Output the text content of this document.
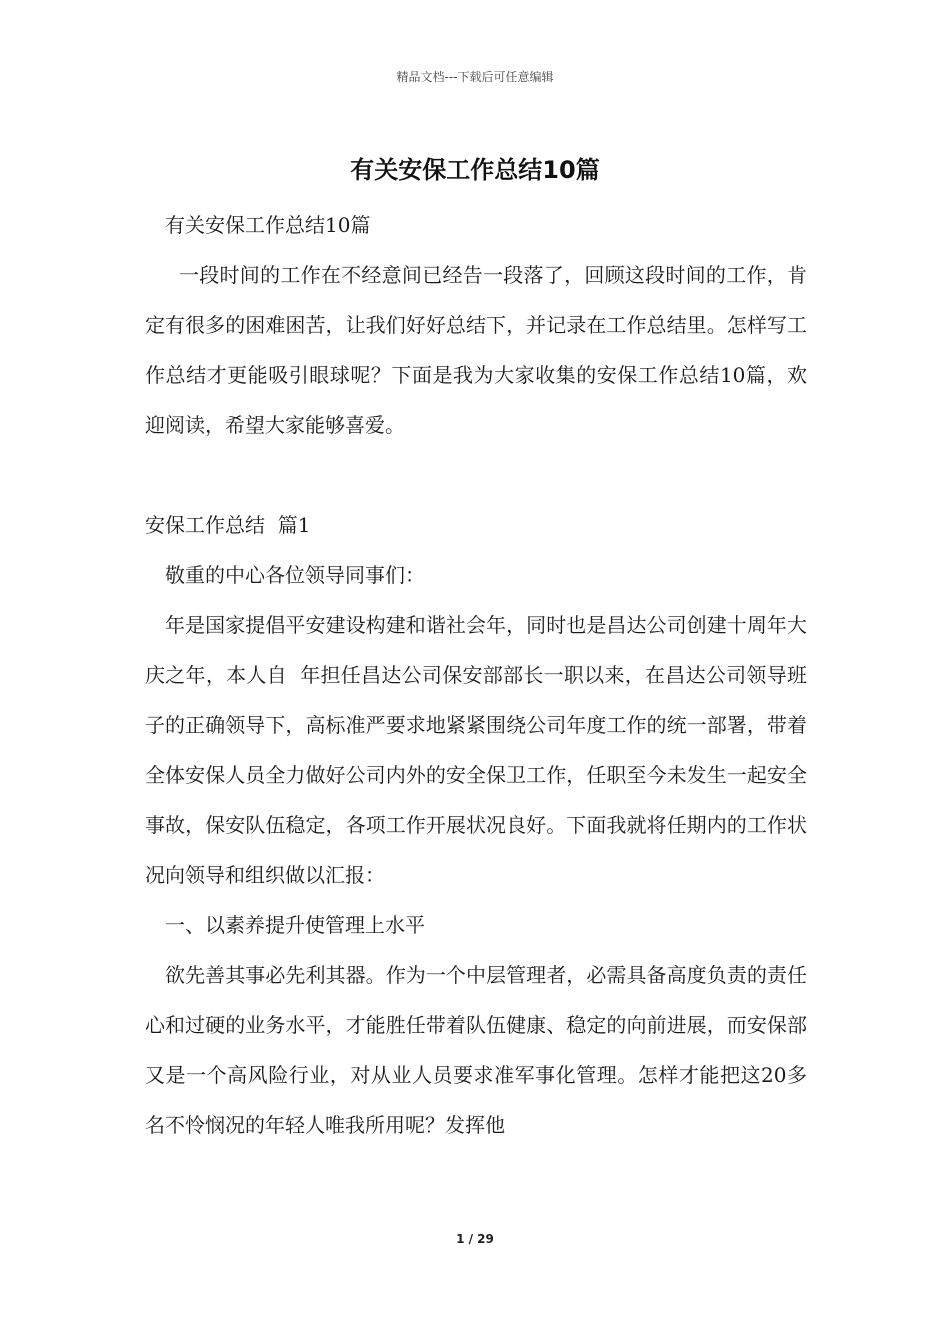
精品文档---下载后可任意编辑
有关安保工作总结10篇

有关安保工作总结10篇

一段时间的工作在不经意间已经告一段落了，回顾这段时间的工作，肯定有很多的困难困苦，让我们好好总结下，并记录在工作总结里。怎样写工作总结才更能吸引眼球呢？下面是我为大家收集的安保工作总结10篇，欢迎阅读，希望大家能够喜爱。

安保工作总结  篇1

敬重的中心各位领导同事们：

年是国家提倡平安建设构建和谐社会年，同时也是昌达公司创建十周年大庆之年，本人自  年担任昌达公司保安部部长一职以来，在昌达公司领导班子的正确领导下，高标准严要求地紧紧围绕公司年度工作的统一部署，带着全体安保人员全力做好公司内外的安全保卫工作，任职至今未发生一起安全事故，保安队伍稳定，各项工作开展状况良好。下面我就将任期内的工作状况向领导和组织做以汇报：

一、以素养提升使管理上水平

欲先善其事必先利其器。作为一个中层管理者，必需具备高度负责的责任心和过硬的业务水平，才能胜任带着队伍健康、稳定的向前进展，而安保部又是一个高风险行业，对从业人员要求准军事化管理。怎样才能把这20多名不怜悯况的年轻人唯我所用呢？发挥他

1 / 29
